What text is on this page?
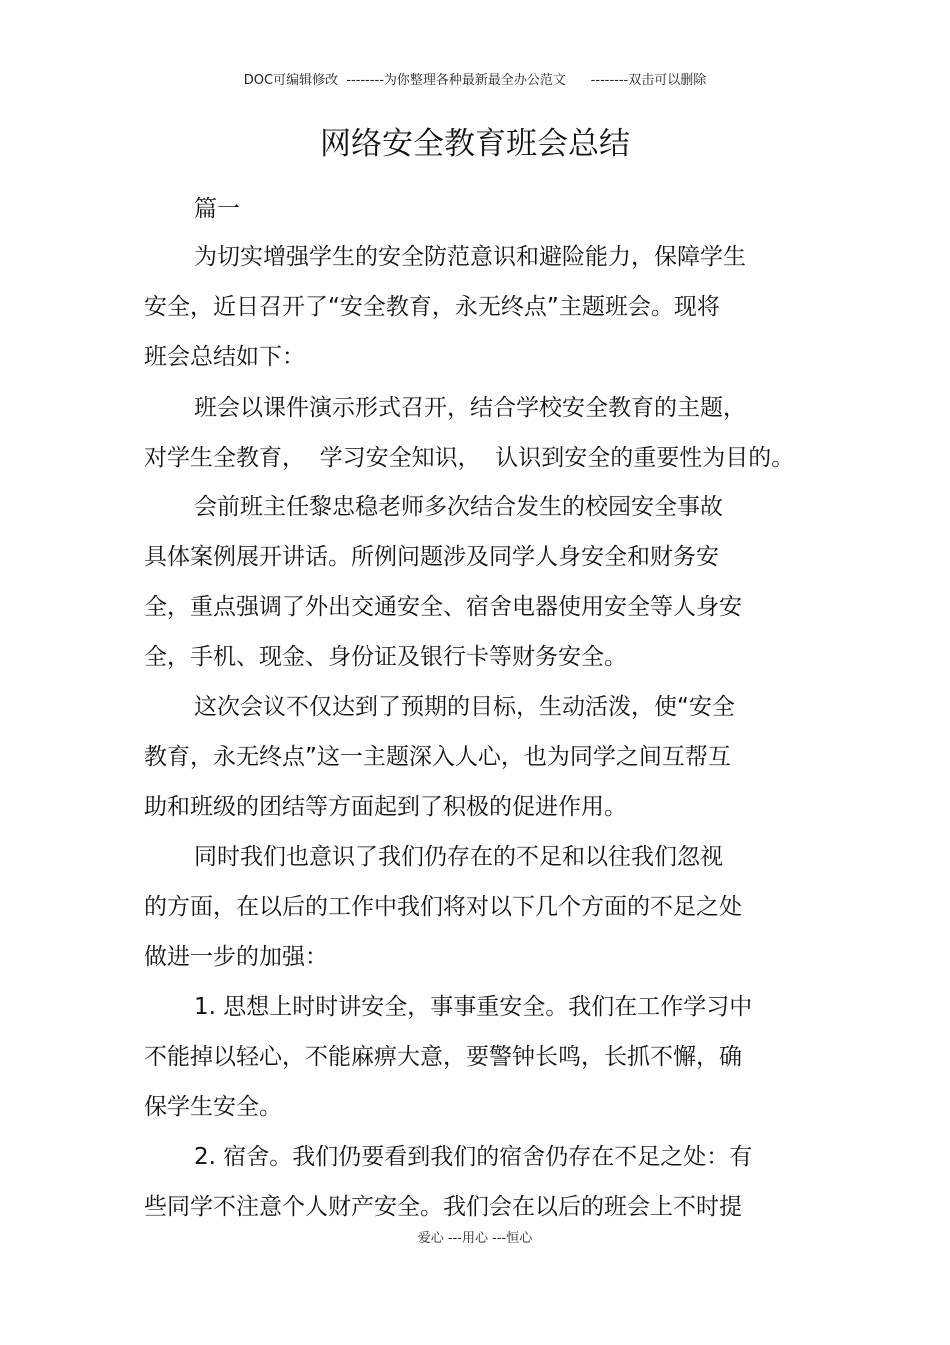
DOC可编辑修改  --------为你整理各种最新最全办公范文      --------双击可以删除
网络安全教育班会总结
篇一
为切实增强学生的安全防范意识和避险能力，保障学生
安全，近日召开了“安全教育，永无终点”主题班会。现将
班会总结如下：
班会以课件演示形式召开，结合学校安全教育的主题，
对学生全教育，  学习安全知识，  认识到安全的重要性为目的。
会前班主任黎忠稳老师多次结合发生的校园安全事故
具体案例展开讲话。所例问题涉及同学人身安全和财务安
全，重点强调了外出交通安全、宿舍电器使用安全等人身安
全，手机、现金、身份证及银行卡等财务安全。
这次会议不仅达到了预期的目标，生动活泼，使“安全
教育，永无终点”这一主题深入人心，也为同学之间互帮互
助和班级的团结等方面起到了积极的促进作用。
同时我们也意识了我们仍存在的不足和以往我们忽视
的方面，在以后的工作中我们将对以下几个方面的不足之处
做进一步的加强：
1. 思想上时时讲安全，事事重安全。我们在工作学习中
不能掉以轻心，不能麻痹大意，要警钟长鸣，长抓不懈，确
保学生安全。
2. 宿舍。我们仍要看到我们的宿舍仍存在不足之处：有
些同学不注意个人财产安全。我们会在以后的班会上不时提
爱心 ---用心 ---恒心
